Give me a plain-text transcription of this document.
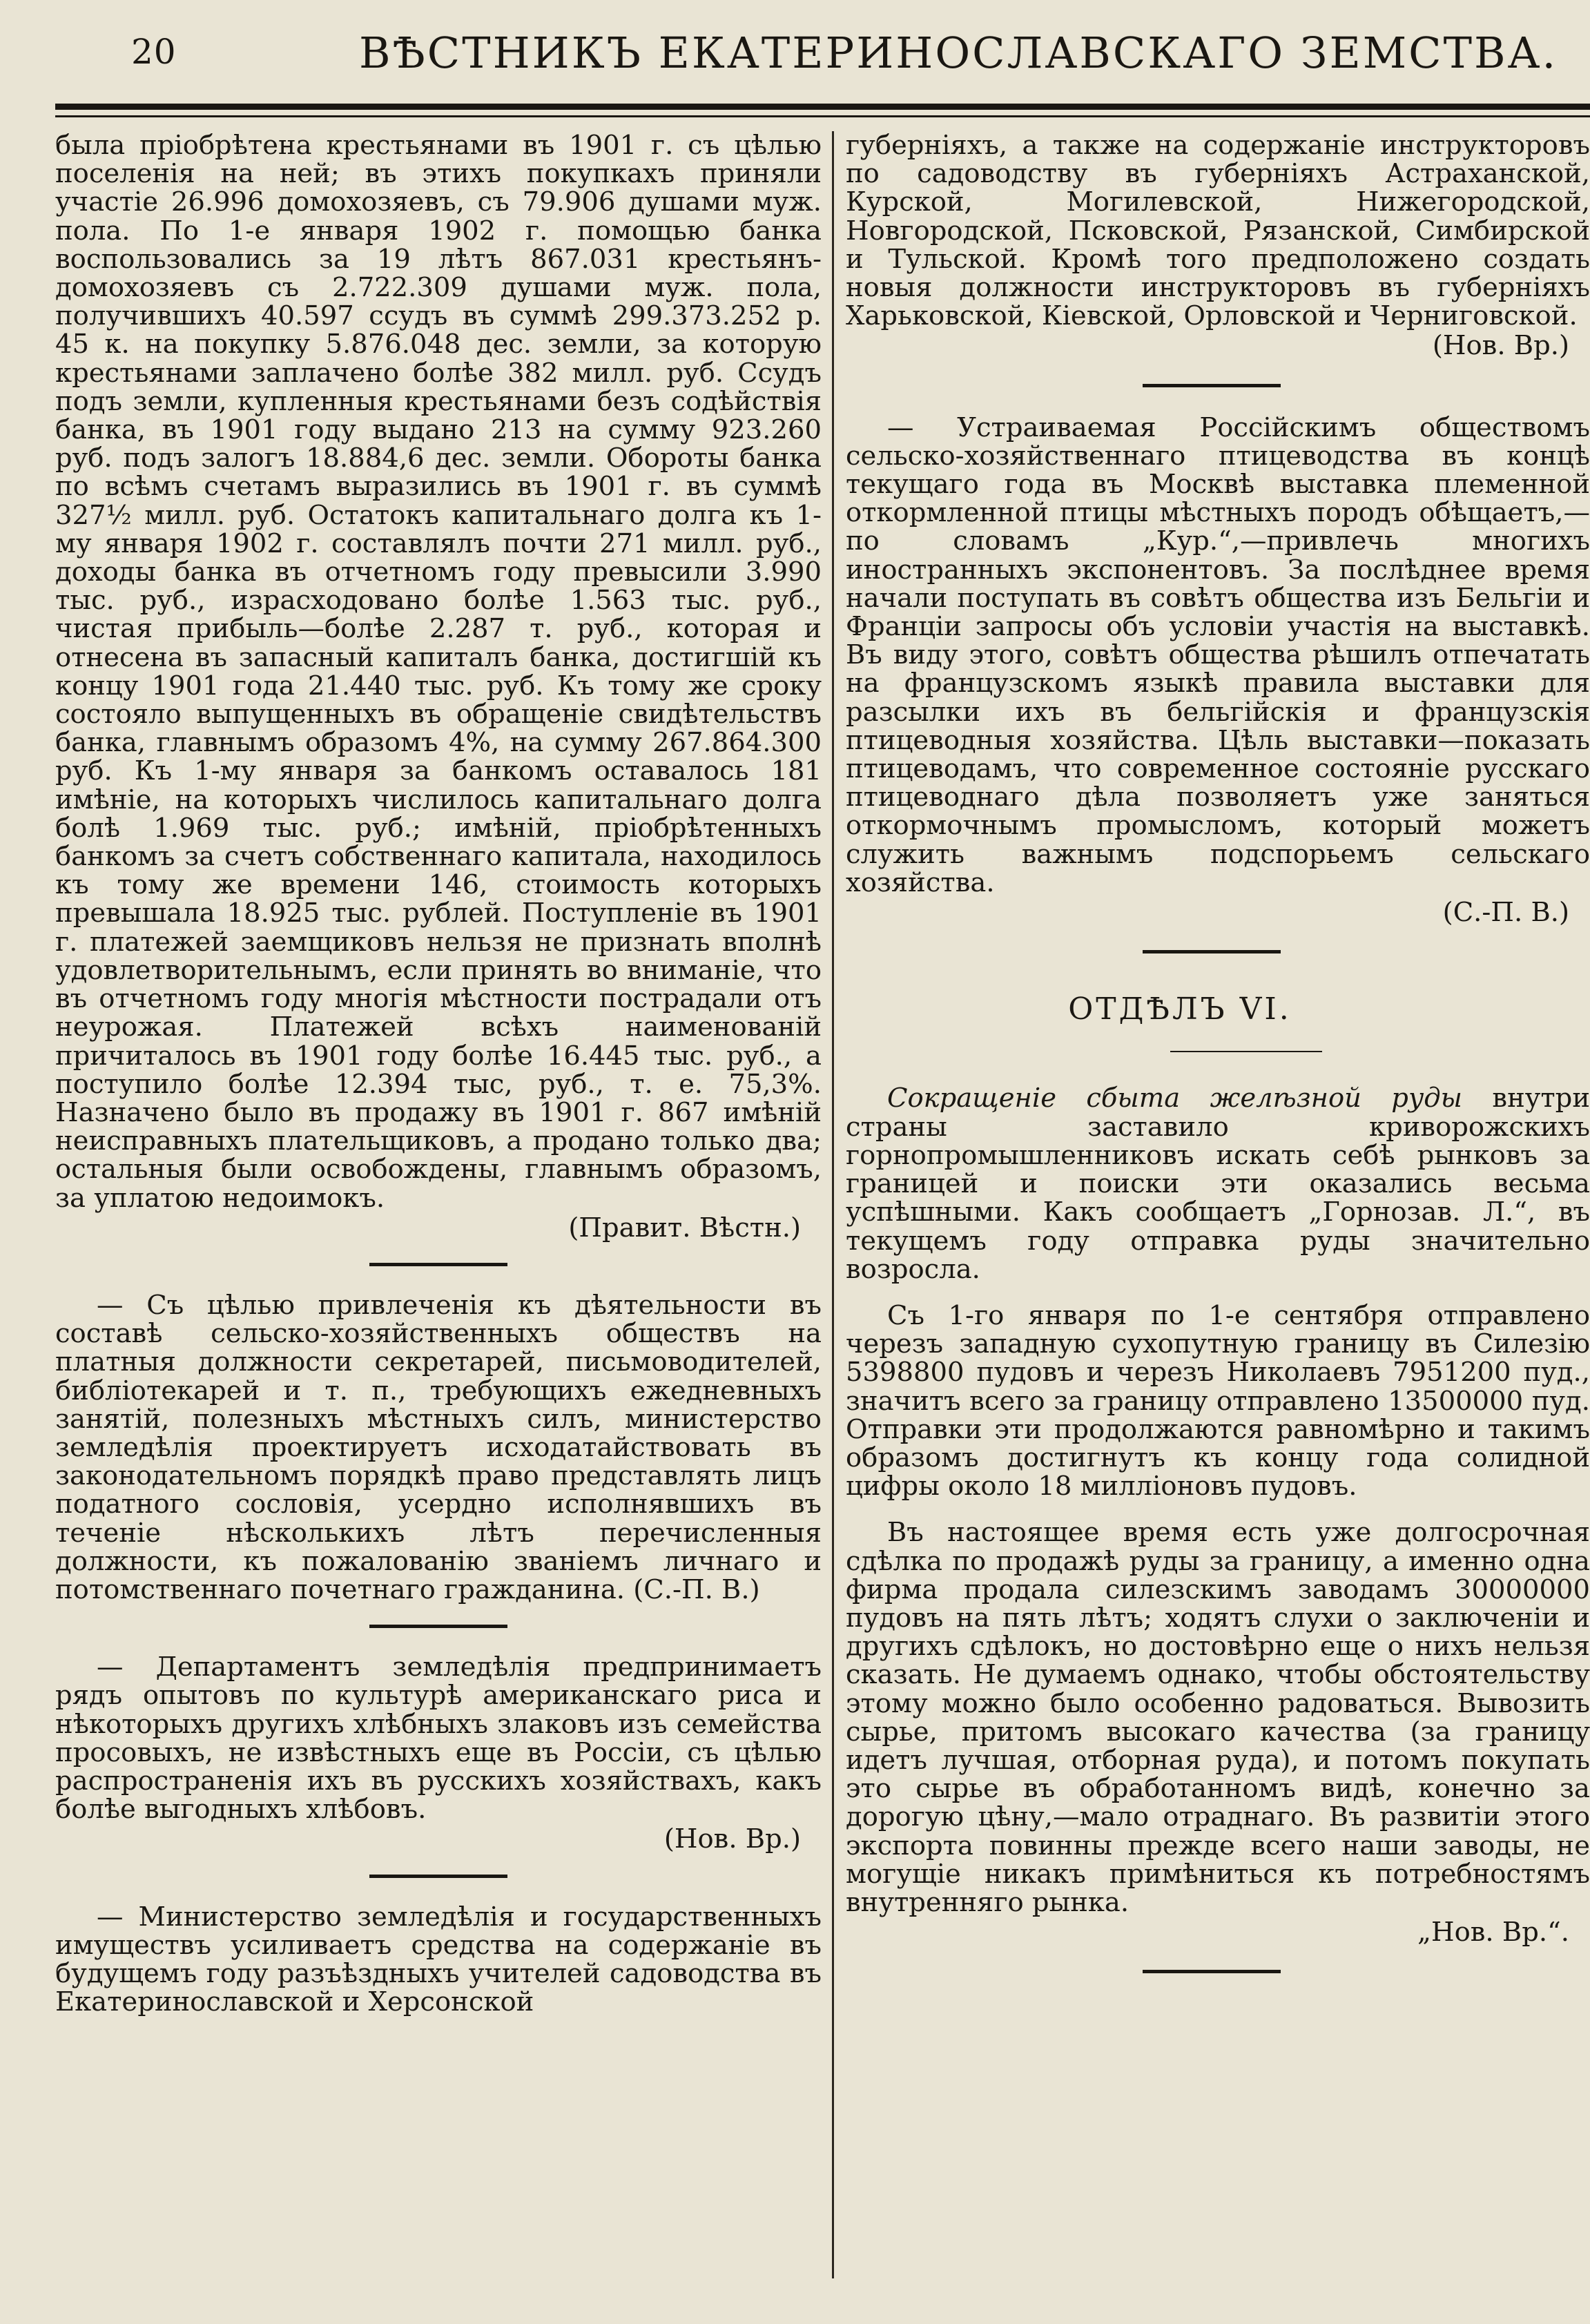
20	ВѢСТНИКЪ ЕКАТЕРИНОСЛАВСКАГО ЗЕМСТВА.

была пріобрѣтена крестьянами въ 1901 г. съ цѣлью поселенія на ней; въ этихъ покупкахъ приняли участіе 26.996 домохозяевъ, съ 79.906 душами муж. пола. По 1-е января 1902 г. помощью банка воспользовались за 19 лѣтъ 867.031 крестьянъ-домохозяевъ съ 2.722.309 душами муж. пола, получившихъ 40.597 ссудъ въ суммѣ 299.373.252 р. 45 к. на покупку 5.876.048 дес. земли, за которую крестьянами заплачено болѣе 382 милл. руб. Ссудъ подъ земли, купленныя крестьянами безъ содѣйствія банка, въ 1901 году выдано 213 на сумму 923.260 руб. подъ залогъ 18.884,6 дес. земли. Обороты банка по всѣмъ счетамъ выразились въ 1901 г. въ суммѣ 327½ милл. руб. Остатокъ капитальнаго долга къ 1-му января 1902 г. составлялъ почти 271 милл. руб., доходы банка въ отчетномъ году превысили 3.990 тыс. руб., израсходовано болѣе 1.563 тыс. руб., чистая прибыль—болѣе 2.287 т. руб., которая и отнесена въ запасный капиталъ банка, достигшій къ концу 1901 года 21.440 тыс. руб. Къ тому же сроку состояло выпущенныхъ въ обращеніе свидѣтельствъ банка, главнымъ образомъ 4%, на сумму 267.864.300 руб. Къ 1-му января за банкомъ оставалось 181 имѣніе, на которыхъ числилось капитальнаго долга болѣ 1.969 тыс. руб.; имѣній, пріобрѣтенныхъ банкомъ за счетъ собственнаго капитала, находилось къ тому же времени 146, стоимость которыхъ превышала 18.925 тыс. рублей. Поступленіе въ 1901 г. платежей заемщиковъ нельзя не признать вполнѣ удовлетворительнымъ, если принять во вниманіе, что въ отчетномъ году многія мѣстности пострадали отъ неурожая. Платежей всѣхъ наименованій причиталось въ 1901 году болѣе 16.445 тыс. руб., а поступило болѣе 12.394 тыс, руб., т. е. 75,3%. Назначено было въ продажу въ 1901 г. 867 имѣній неисправныхъ плательщиковъ, а продано только два; остальныя были освобождены, главнымъ образомъ, за уплатою недоимокъ.

(Правит. Вѣстн.)

— Съ цѣлью привлеченія къ дѣятельности въ составѣ сельско-хозяйственныхъ обществъ на платныя должности секретарей, письмоводителей, библіотекарей и т. п., требующихъ ежедневныхъ занятій, полезныхъ мѣстныхъ силъ, министерство земледѣлія проектируетъ исходатайствовать въ законодательномъ порядкѣ право представлять лицъ податного сословія, усердно исполнявшихъ въ теченіе нѣсколькихъ лѣтъ перечисленныя должности, къ пожалованію званіемъ личнаго и потомственнаго почетнаго гражданина. (С.-П. В.)

— Департаментъ земледѣлія предпринимаетъ рядъ опытовъ по культурѣ американскаго риса и нѣкоторыхъ другихъ хлѣбныхъ злаковъ изъ семейства просовыхъ, не извѣстныхъ еще въ Россіи, съ цѣлью распространенія ихъ въ русскихъ хозяйствахъ, какъ болѣе выгодныхъ хлѣбовъ.

(Нов. Вр.)

— Министерство земледѣлія и государственныхъ имуществъ усиливаетъ средства на содержаніе въ будущемъ году разъѣздныхъ учителей садоводства въ Екатеринославской и Херсонской

губерніяхъ, а также на содержаніе инструкторовъ по садоводству въ губерніяхъ Астраханской, Курской, Могилевской, Нижегородской, Новгородской, Псковской, Рязанской, Симбирской и Тульской. Кромѣ того предположено создать новыя должности инструкторовъ въ губерніяхъ Харьковской, Кіевской, Орловской и Черниговской.

(Нов. Вр.)

— Устраиваемая Россійскимъ обществомъ сельско-хозяйственнаго птицеводства въ концѣ текущаго года въ Москвѣ выставка племенной откормленной птицы мѣстныхъ породъ обѣщаетъ,— по словамъ „Кур.“,—привлечь многихъ иностранныхъ экспонентовъ. За послѣднее время начали поступать въ совѣтъ общества изъ Бельгіи и Франціи запросы объ условіи участія на выставкѣ. Въ виду этого, совѣтъ общества рѣшилъ отпечатать на французскомъ языкѣ правила выставки для разсылки ихъ въ бельгійскія и французскія птицеводныя хозяйства. Цѣль выставки—показать птицеводамъ, что современное состояніе русскаго птицеводнаго дѣла позволяетъ уже заняться откормочнымъ промысломъ, который можетъ служить важнымъ подспорьемъ сельскаго хозяйства.

(С.-П. В.)

ОТДѢЛЪ VI.

Сокращеніе сбыта желѣзной руды внутри страны заставило криворожскихъ горнопромышленниковъ искать себѣ рынковъ за границей и поиски эти оказались весьма успѣшными. Какъ сообщаетъ „Горнозав. Л.“, въ текущемъ году отправка руды значительно возросла.

Съ 1-го января по 1-е сентября отправлено черезъ западную сухопутную границу въ Силезію 5398800 пудовъ и черезъ Николаевъ 7951200 пуд., значитъ всего за границу отправлено 13500000 пуд. Отправки эти продолжаются равномѣрно и такимъ образомъ достигнутъ къ концу года солидной цифры около 18 милліоновъ пудовъ.

Въ настоящее время есть уже долгосрочная сдѣлка по продажѣ руды за границу, а именно одна фирма продала силезскимъ заводамъ 30000000 пудовъ на пять лѣтъ; ходятъ слухи о заключеніи и другихъ сдѣлокъ, но достовѣрно еще о нихъ нельзя сказать. Не думаемъ однако, чтобы обстоятельству этому можно было особенно радоваться. Вывозить сырье, притомъ высокаго качества (за границу идетъ лучшая, отборная руда), и потомъ покупать это сырье въ обработанномъ видѣ, конечно за дорогую цѣну,—мало отраднаго. Въ развитіи этого экспорта повинны прежде всего наши заводы, не могущіе никакъ примѣниться къ потребностямъ внутренняго рынка.

„Нов. Вр.“.
